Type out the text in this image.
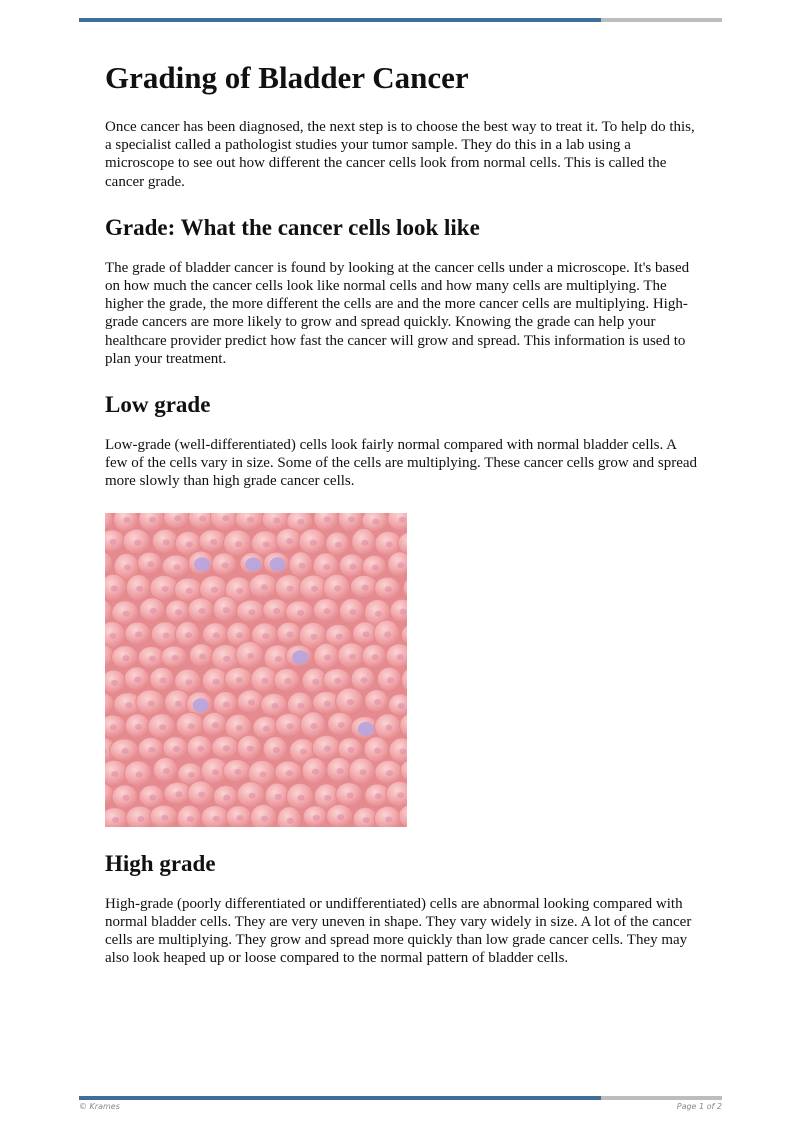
Grading of Bladder Cancer

Once cancer has been diagnosed, the next step is to choose the best way to treat it. To help do this, a specialist called a pathologist studies your tumor sample. They do this in a lab using a microscope to see out how different the cancer cells look from normal cells. This is called the cancer grade.

Grade: What the cancer cells look like

The grade of bladder cancer is found by looking at the cancer cells under a microscope. It's based on how much the cancer cells look like normal cells and how many cells are multiplying. The higher the grade, the more different the cells are and the more cancer cells are multiplying. High-grade cancers are more likely to grow and spread quickly. Knowing the grade can help your healthcare provider predict how fast the cancer will grow and spread. This information is used to plan your treatment.

Low grade

Low-grade (well-differentiated) cells look fairly normal compared with normal bladder cells. A few of the cells vary in size. Some of the cells are multiplying. These cancer cells grow and spread more slowly than high grade cancer cells.

High grade

High-grade (poorly differentiated or undifferentiated) cells are abnormal looking compared with normal bladder cells. They are very uneven in shape. They vary widely in size. A lot of the cancer cells are multiplying. They grow and spread more quickly than low grade cancer cells. They may also look heaped up or loose compared to the normal pattern of bladder cells.

© Krames	Page 1 of 2
